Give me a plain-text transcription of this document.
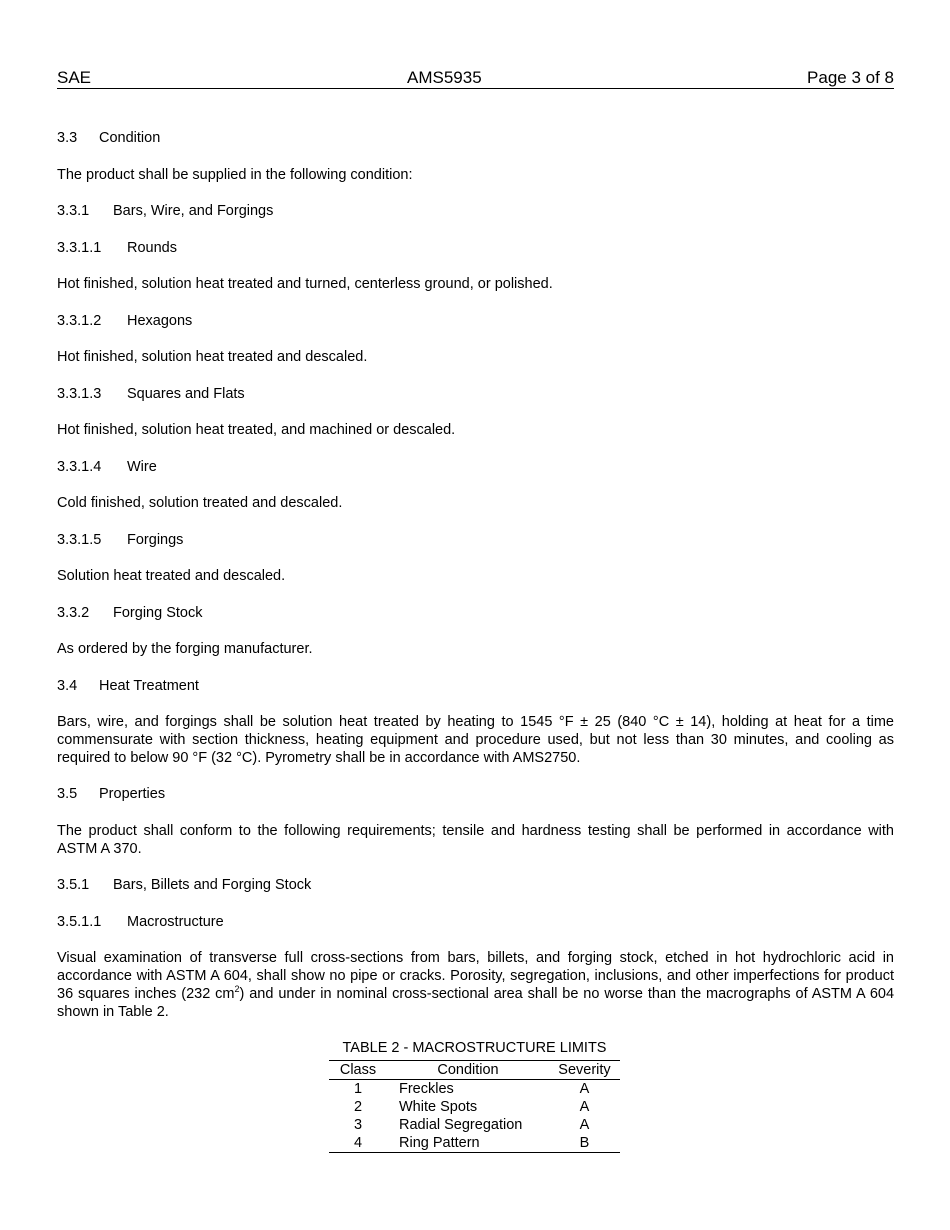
SAE	AMS5935	Page 3 of 8

3.3 Condition

The product shall be supplied in the following condition:

3.3.1 Bars, Wire, and Forgings

3.3.1.1 Rounds

Hot finished, solution heat treated and turned, centerless ground, or polished.

3.3.1.2 Hexagons

Hot finished, solution heat treated and descaled.

3.3.1.3 Squares and Flats

Hot finished, solution heat treated, and machined or descaled.

3.3.1.4 Wire

Cold finished, solution treated and descaled.

3.3.1.5 Forgings

Solution heat treated and descaled.

3.3.2 Forging Stock

As ordered by the forging manufacturer.

3.4 Heat Treatment

Bars, wire, and forgings shall be solution heat treated by heating to 1545 °F ± 25 (840 °C ± 14), holding at heat for a time commensurate with section thickness, heating equipment and procedure used, but not less than 30 minutes, and cooling as required to below 90 °F (32 °C). Pyrometry shall be in accordance with AMS2750.

3.5 Properties

The product shall conform to the following requirements; tensile and hardness testing shall be performed in accordance with ASTM A 370.

3.5.1 Bars, Billets and Forging Stock

3.5.1.1 Macrostructure

Visual examination of transverse full cross-sections from bars, billets, and forging stock, etched in hot hydrochloric acid in accordance with ASTM A 604, shall show no pipe or cracks. Porosity, segregation, inclusions, and other imperfections for product 36 squares inches (232 $cm^2$) and under in nominal cross-sectional area shall be no worse than the macrographs of ASTM A 604 shown in Table 2.

TABLE 2 - MACROSTRUCTURE LIMITS
Class	Condition	Severity
1	Freckles	A
2	White Spots	A
3	Radial Segregation	A
4	Ring Pattern	B
